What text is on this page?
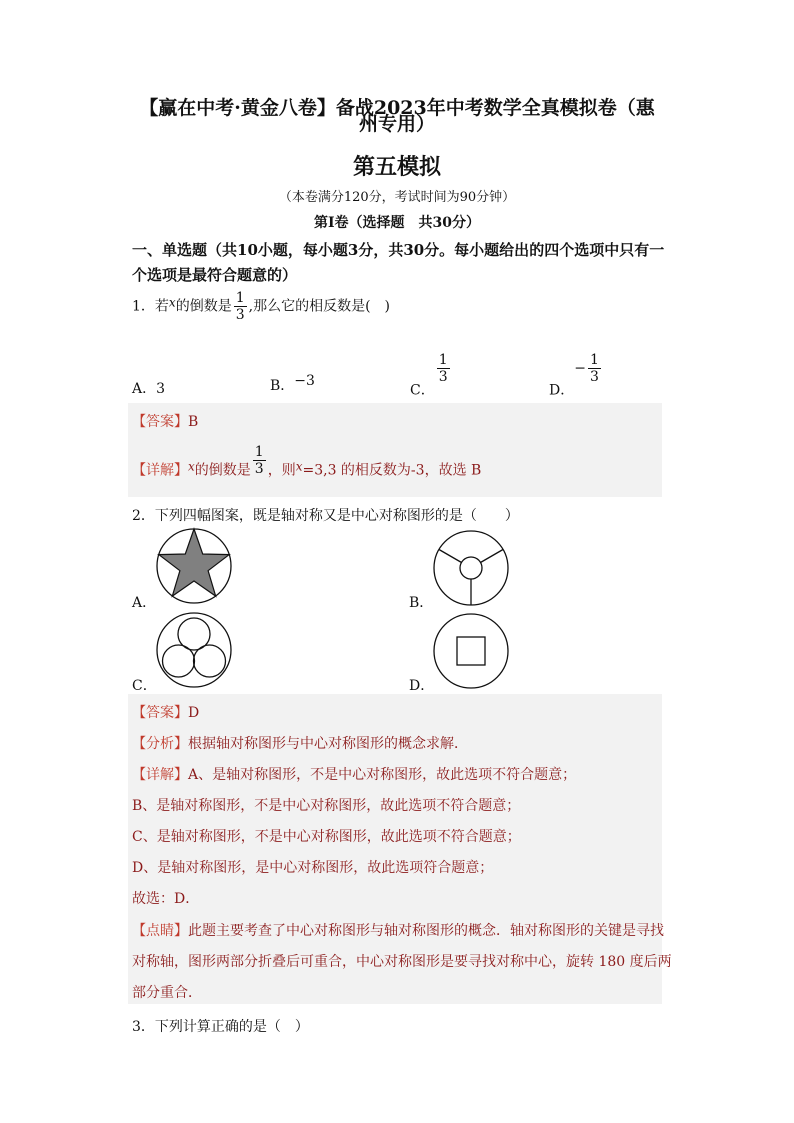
【赢在中考·黄金八卷】备战2023年中考数学全真模拟卷（惠
州专用）
第五模拟
（本卷满分120分，考试时间为90分钟）
第Ⅰ卷（选择题　共30分）
一、单选题（共10小题，每小题3分，共30分。每小题给出的四个选项中只有一个选项是最符合题意的）
1．若x的倒数是 $\frac{1}{3}$ ,那么它的相反数是(　)
A．3	B．−3
C．
$\frac{1}{3}$
D．− $\frac{1}{3}$
【答案】B
【详解】x的倒数是 $\frac{1}{3}$ ，则x=3,3 的相反数为-3，故选 B
2．下列四幅图案，既是轴对称又是中心对称图形的是（　　）
A．	B．
C．	D．
【答案】D
【分析】根据轴对称图形与中心对称图形的概念求解．
【详解】A、是轴对称图形，不是中心对称图形，故此选项不符合题意；
B、是轴对称图形，不是中心对称图形，故此选项不符合题意；
C、是轴对称图形，不是中心对称图形，故此选项不符合题意；
D、是轴对称图形，是中心对称图形，故此选项符合题意；
故选：D．
【点睛】此题主要考查了中心对称图形与轴对称图形的概念．轴对称图形的关键是寻找
对称轴，图形两部分折叠后可重合，中心对称图形是要寻找对称中心，旋转 180 度后两
部分重合．
3．下列计算正确的是（　）
